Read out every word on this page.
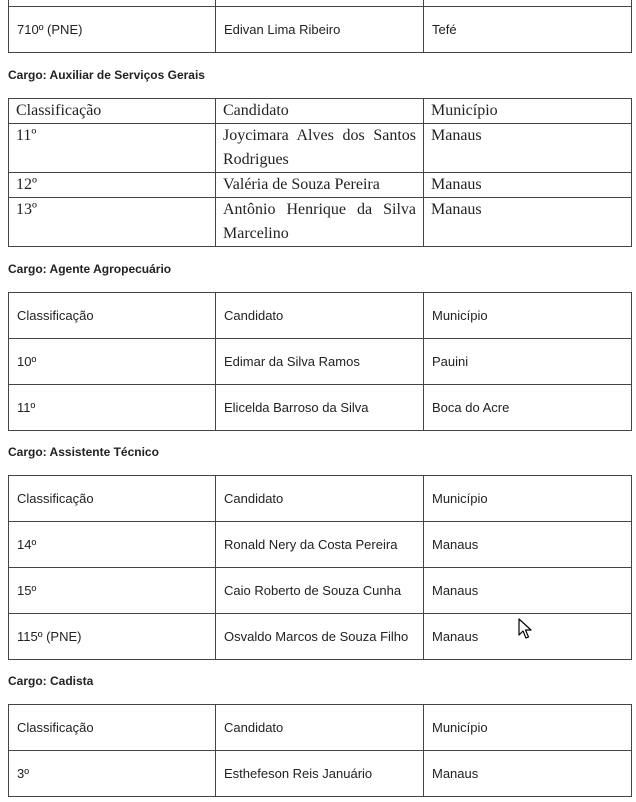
710º (PNE)	Edivan Lima Ribeiro	Tefé

Cargo: Auxiliar de Serviços Gerais

Classificação	Candidato	Município
11º	Joycimara Alves dos Santos Rodrigues	Manaus
12º	Valéria de Souza Pereira	Manaus
13º	Antônio Henrique da Silva Marcelino	Manaus

Cargo: Agente Agropecuário

Classificação	Candidato	Município
10º	Edimar da Silva Ramos	Pauini
11º	Elicelda Barroso da Silva	Boca do Acre

Cargo: Assistente Técnico

Classificação	Candidato	Município
14º	Ronald Nery da Costa Pereira	Manaus
15º	Caio Roberto de Souza Cunha	Manaus
115º (PNE)	Osvaldo Marcos de Souza Filho	Manaus

Cargo: Cadista

Classificação	Candidato	Município
3º	Esthefeson Reis Januário	Manaus
